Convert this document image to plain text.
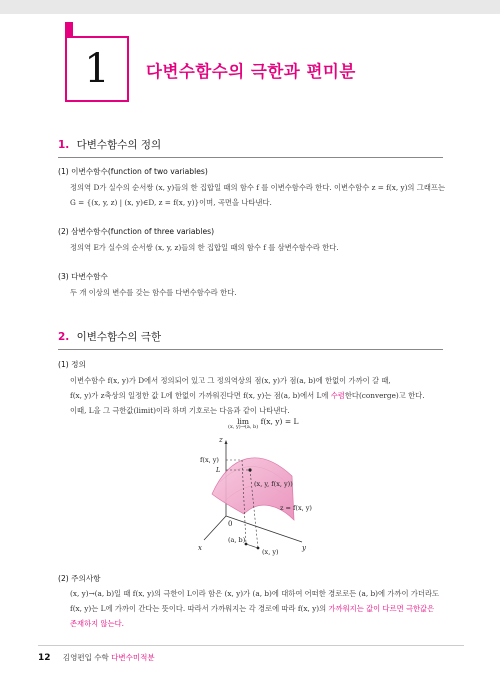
1	다변수함수의 극한과 편미분
1. 다변수함수의 정의
(1) 이변수함수(function of two variables)
정의역 D가 실수의 순서쌍 (x, y)들의 한 집합일 때의 함수 f 를 이변수함수라 한다. 이변수함수 z = f(x, y)의 그래프는
G = {(x, y, z) | (x, y)∈D, z = f(x, y)}이며, 곡면을 나타낸다.
(2) 삼변수함수(function of three variables)
정의역 E가 실수의 순서쌍 (x, y, z)들의 한 집합일 때의 함수 f 를 삼변수함수라 한다.
(3) 다변수함수
두 개 이상의 변수를 갖는 함수를 다변수함수라 한다.
2. 이변수함수의 극한
(1) 정의
이변수함수 f(x, y)가 D에서 정의되어 있고 그 정의역상의 점(x, y)가 점(a, b)에 한없이 가까이 갈 때,
f(x, y)가 z축상의 일정한 값 L에 한없이 가까워진다면 f(x, y)는 점(a, b)에서 L에 수렴한다(converge)고 한다.
이때, L을 그 극한값(limit)이라 하며 기호로는 다음과 같이 나타낸다.
lim
(x, y)→(a, b)
f(x, y) = L
z
y
x
0
f(x, y)
L
(x, y, f(x, y))
z = f(x, y)
(a, b)
(x, y)
(2) 주의사항
(x, y)→(a, b)일 때 f(x, y)의 극한이 L이라 함은 (x, y)가 (a, b)에 대하여 어떠한 경로로든 (a, b)에 가까이 가더라도
f(x, y)는 L에 가까이 간다는 뜻이다. 따라서 가까워지는 각 경로에 따라 f(x, y)의 가까워지는 값이 다르면 극한값은
존재하지 않는다.
12 김영편입 수학 다변수미적분
